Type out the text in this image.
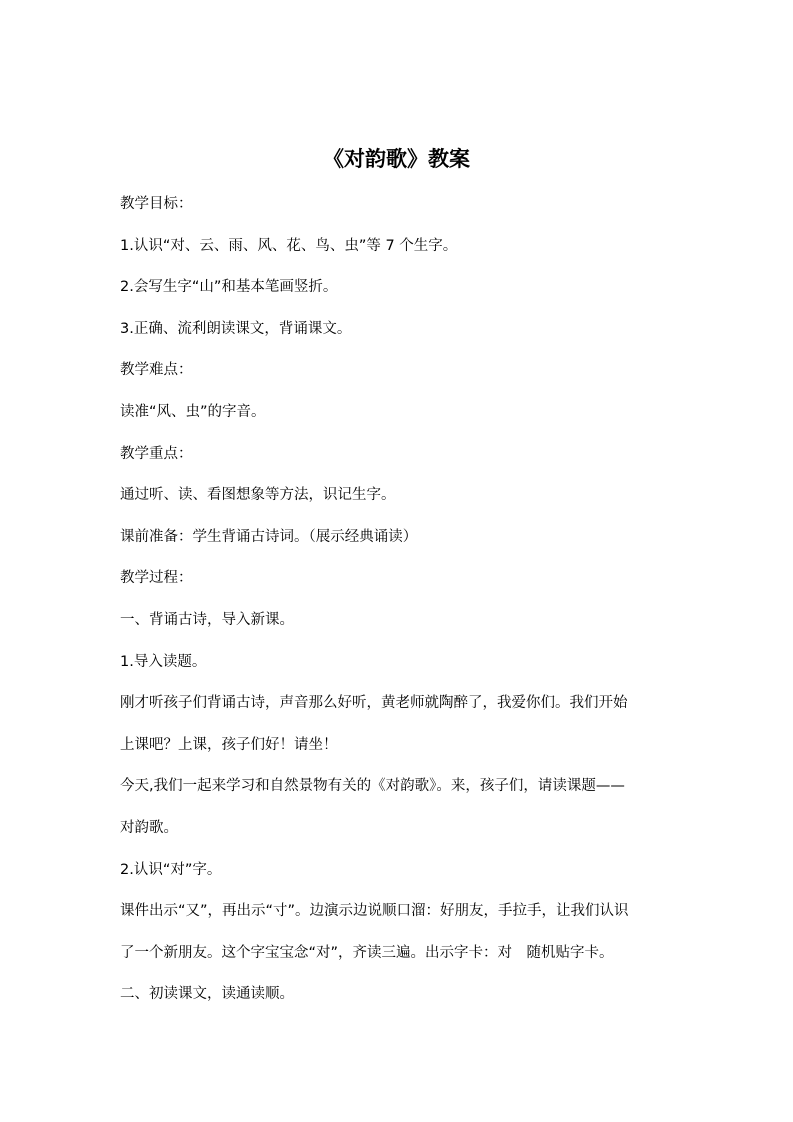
《对韵歌》教案

教学目标：

1.认识“对、云、雨、风、花、鸟、虫”等 7 个生字。

2.会写生字“山”和基本笔画竖折。

3.正确、流利朗读课文，背诵课文。

教学难点：

读准“风、虫”的字音。

教学重点：

通过听、读、看图想象等方法，识记生字。

课前准备：学生背诵古诗词。（展示经典诵读）

教学过程：

一、背诵古诗，导入新课。

1.导入读题。

刚才听孩子们背诵古诗，声音那么好听，黄老师就陶醉了，我爱你们。我们开始

上课吧？上课，孩子们好！请坐！

今天,我们一起来学习和自然景物有关的《对韵歌》。来，孩子们，请读课题——

对韵歌。

2.认识“对”字。

课件出示“又”，再出示“寸”。边演示边说顺口溜：好朋友，手拉手，让我们认识

了一个新朋友。这个字宝宝念“对”，齐读三遍。出示字卡：对　随机贴字卡。

二、初读课文，读通读顺。
